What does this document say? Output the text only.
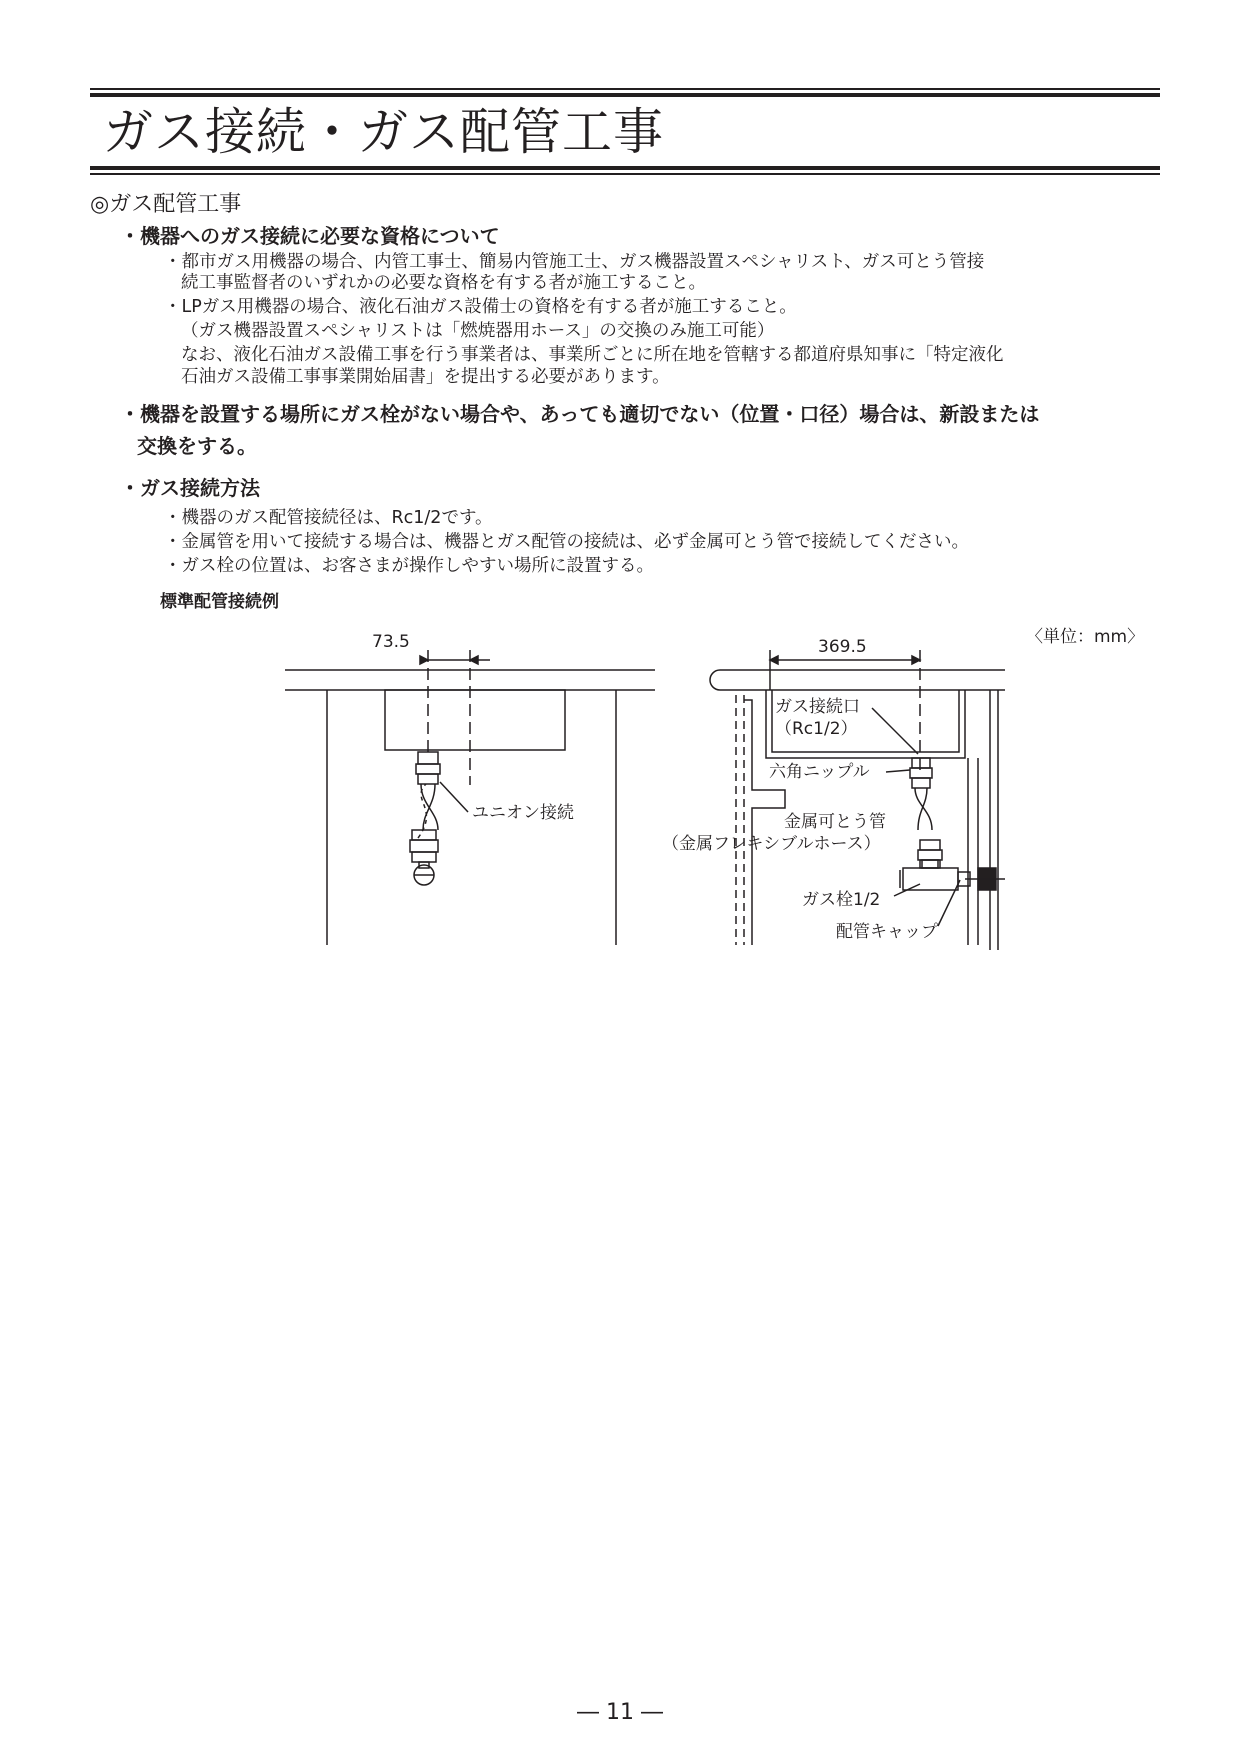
ガス接続・ガス配管工事
◎ガス配管工事
・機器へのガス接続に必要な資格について
・都市ガス用機器の場合、内管工事士、簡易内管施工士、ガス機器設置スペシャリスト、ガス可とう管接
続工事監督者のいずれかの必要な資格を有する者が施工すること。
・LPガス用機器の場合、液化石油ガス設備士の資格を有する者が施工すること。
（ガス機器設置スペシャリストは「燃焼器用ホース」の交換のみ施工可能）
なお、液化石油ガス設備工事を行う事業者は、事業所ごとに所在地を管轄する都道府県知事に「特定液化
石油ガス設備工事事業開始届書」を提出する必要があります。
・機器を設置する場所にガス栓がない場合や、あっても適切でない（位置・口径）場合は、新設または
交換をする。
・ガス接続方法
・機器のガス配管接続径は、Rc1/2です。
・金属管を用いて接続する場合は、機器とガス配管の接続は、必ず金属可とう管で接続してください。
・ガス栓の位置は、お客さまが操作しやすい場所に設置する。
標準配管接続例
〈単位：mm〉
73.5	369.5
ユニオン接続
ガス接続口
（Rc1/2）
六角ニップル
金属可とう管
（金属フレキシブルホース）
ガス栓1/2
配管キャップ
― 11 ―
